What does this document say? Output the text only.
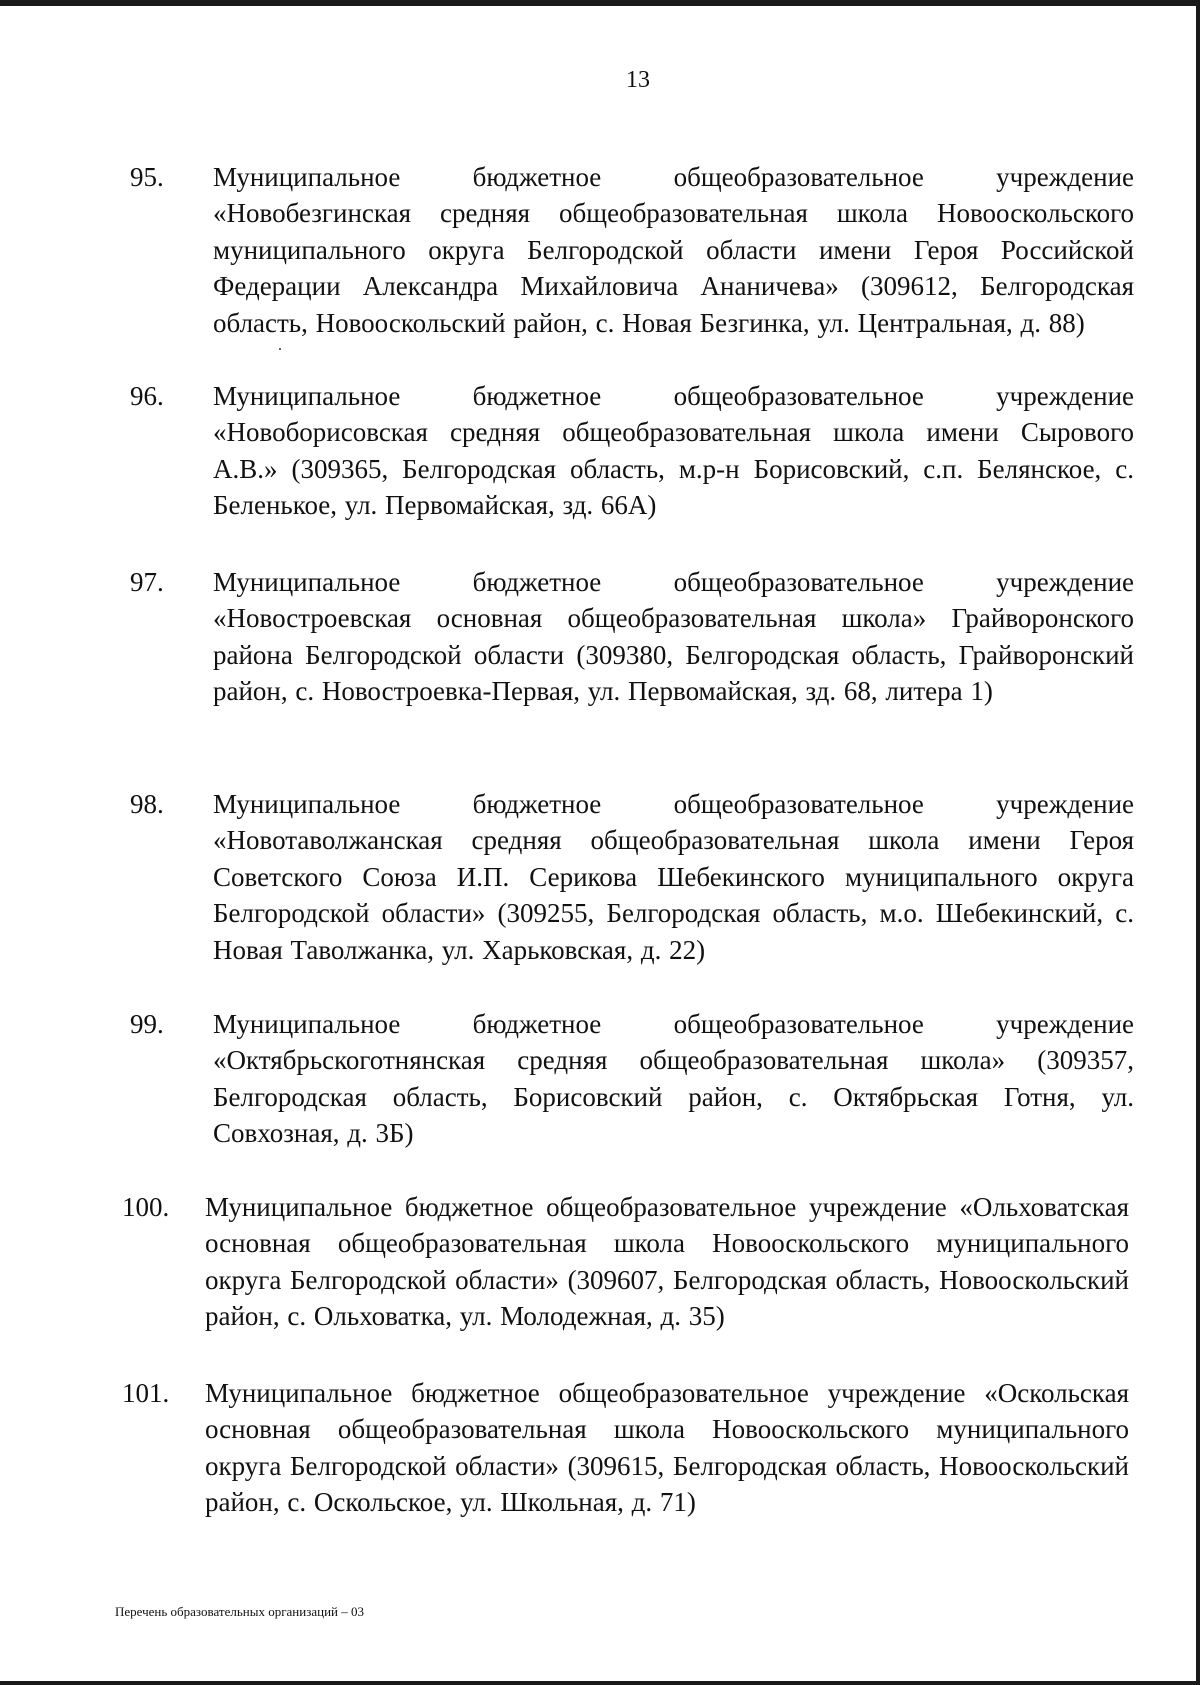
13
95. Муниципальное бюджетное общеобразовательное учреждение «Новобезгинская средняя общеобразовательная школа Новооскольского муниципального округа Белгородской области имени Героя Российской Федерации Александра Михайловича Ананичева» (309612, Белгородская область, Новооскольский район, с. Новая Безгинка, ул. Центральная, д. 88)
96. Муниципальное бюджетное общеобразовательное учреждение «Новоборисовская средняя общеобразовательная школа имени Сырового А.В.» (309365, Белгородская область, м.р-н Борисовский, с.п. Белянское, с. Беленькое, ул. Первомайская, зд. 66А)
97. Муниципальное бюджетное общеобразовательное учреждение «Новостроевская основная общеобразовательная школа» Грайворонского района Белгородской области (309380, Белгородская область, Грайворонский район, с. Новостроевка-Первая, ул. Первомайская, зд. 68, литера 1)
98. Муниципальное бюджетное общеобразовательное учреждение «Новотаволжанская средняя общеобразовательная школа имени Героя Советского Союза И.П. Серикова Шебекинского муниципального округа Белгородской области» (309255, Белгородская область, м.о. Шебекинский, с. Новая Таволжанка, ул. Харьковская, д. 22)
99. Муниципальное бюджетное общеобразовательное учреждение «Октябрьскоготнянская средняя общеобразовательная школа» (309357, Белгородская область, Борисовский район, с. Октябрьская Готня, ул. Совхозная, д. 3Б)
100. Муниципальное бюджетное общеобразовательное учреждение «Ольховатская основная общеобразовательная школа Новооскольского муниципального округа Белгородской области» (309607, Белгородская область, Новооскольский район, с. Ольховатка, ул. Молодежная, д. 35)
101. Муниципальное бюджетное общеобразовательное учреждение «Оскольская основная общеобразовательная школа Новооскольского муниципального округа Белгородской области» (309615, Белгородская область, Новооскольский район, с. Оскольское, ул. Школьная, д. 71)
Перечень образовательных организаций – 03
